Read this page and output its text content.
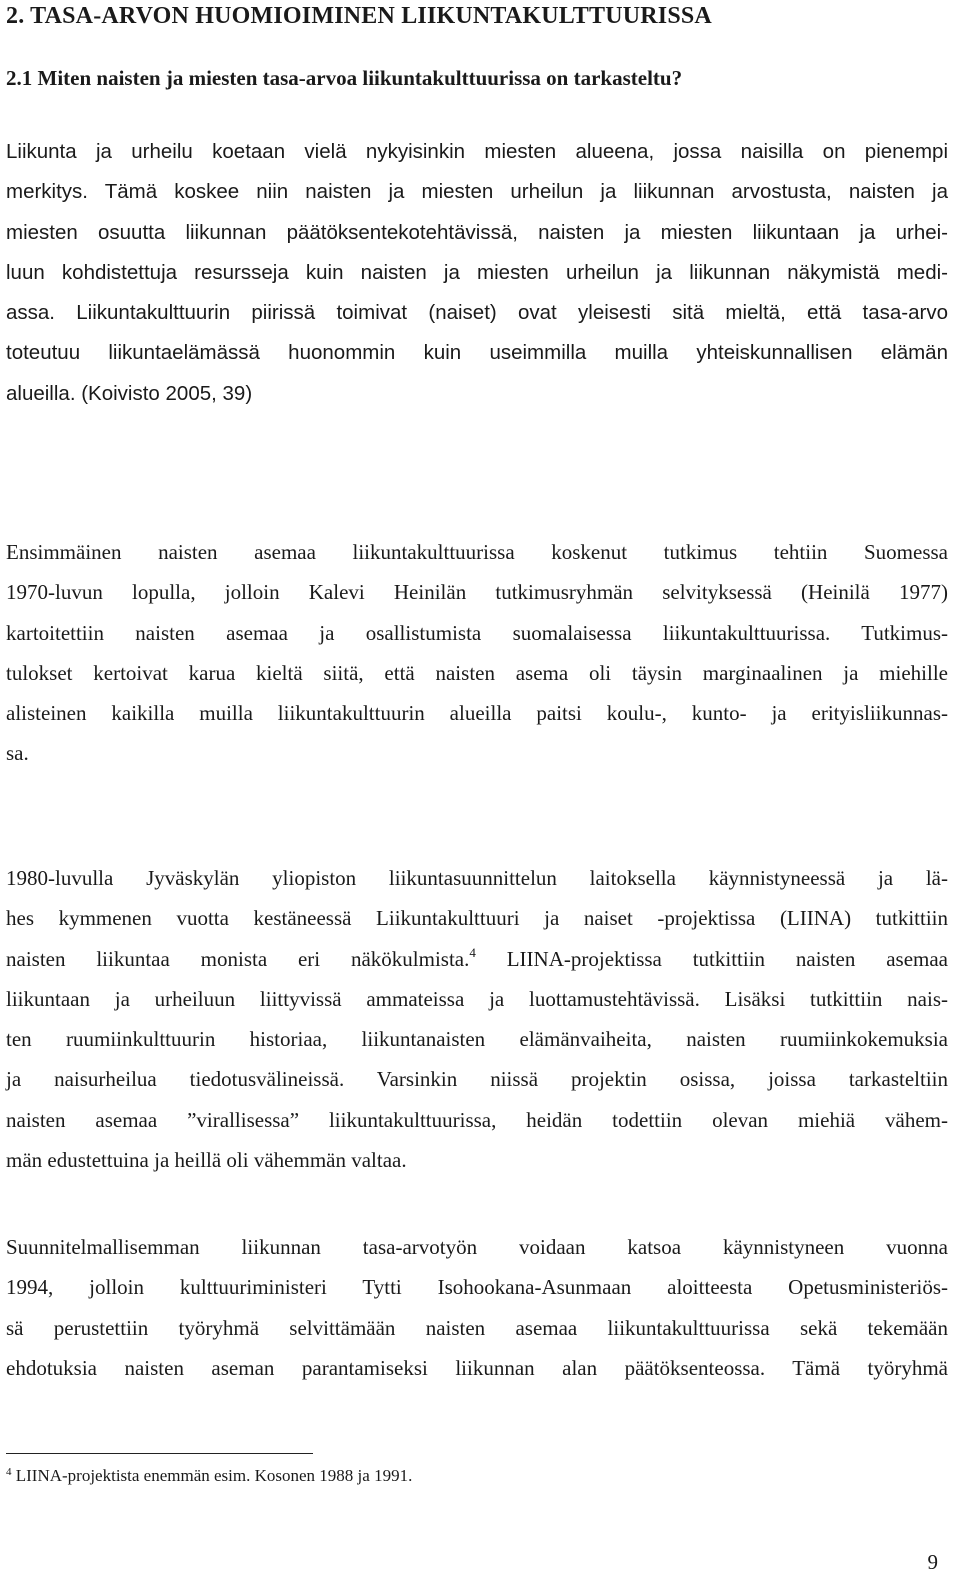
2. TASA-ARVON HUOMIOIMINEN LIIKUNTAKULTTUURISSA
2.1 Miten naisten ja miesten tasa-arvoa liikuntakulttuurissa on tarkasteltu?
Liikunta ja urheilu koetaan vielä nykyisinkin miesten alueena, jossa naisilla on pienempi
merkitys. Tämä koskee niin naisten ja miesten urheilun ja liikunnan arvostusta, naisten ja
miesten osuutta liikunnan päätöksentekotehtävissä, naisten ja miesten liikuntaan ja urhei-
luun kohdistettuja resursseja kuin naisten ja miesten urheilun ja liikunnan näkymistä medi-
assa. Liikuntakulttuurin piirissä toimivat (naiset) ovat yleisesti sitä mieltä, että tasa-arvo
toteutuu liikuntaelämässä huonommin kuin useimmilla muilla yhteiskunnallisen elämän
alueilla. (Koivisto 2005, 39)
Ensimmäinen naisten asemaa liikuntakulttuurissa koskenut tutkimus tehtiin Suomessa
1970-luvun lopulla, jolloin Kalevi Heinilän tutkimusryhmän selvityksessä (Heinilä 1977)
kartoitettiin naisten asemaa ja osallistumista suomalaisessa liikuntakulttuurissa. Tutkimus-
tulokset kertoivat karua kieltä siitä, että naisten asema oli täysin marginaalinen ja miehille
alisteinen kaikilla muilla liikuntakulttuurin alueilla paitsi koulu-, kunto- ja erityisliikunnas-
sa.
1980-luvulla Jyväskylän yliopiston liikuntasuunnittelun laitoksella käynnistyneessä ja lä-
hes kymmenen vuotta kestäneessä Liikuntakulttuuri ja naiset -projektissa (LIINA) tutkittiin
naisten liikuntaa monista eri näkökulmista.$^4$ LIINA-projektissa tutkittiin naisten asemaa
liikuntaan ja urheiluun liittyvissä ammateissa ja luottamustehtävissä. Lisäksi tutkittiin nais-
ten ruumiinkulttuurin historiaa, liikuntanaisten elämänvaiheita, naisten ruumiinkokemuksia
ja naisurheilua tiedotusvälineissä. Varsinkin niissä projektin osissa, joissa tarkasteltiin
naisten asemaa ”virallisessa” liikuntakulttuurissa, heidän todettiin olevan miehiä vähem-
män edustettuina ja heillä oli vähemmän valtaa.
Suunnitelmallisemman liikunnan tasa-arvotyön voidaan katsoa käynnistyneen vuonna
1994, jolloin kulttuuriministeri Tytti Isohookana-Asunmaan aloitteesta Opetusministeriös-
sä perustettiin työryhmä selvittämään naisten asemaa liikuntakulttuurissa sekä tekemään
ehdotuksia naisten aseman parantamiseksi liikunnan alan päätöksenteossa. Tämä työryhmä

$^4$ LIINA-projektista enemmän esim. Kosonen 1988 ja 1991.

9
